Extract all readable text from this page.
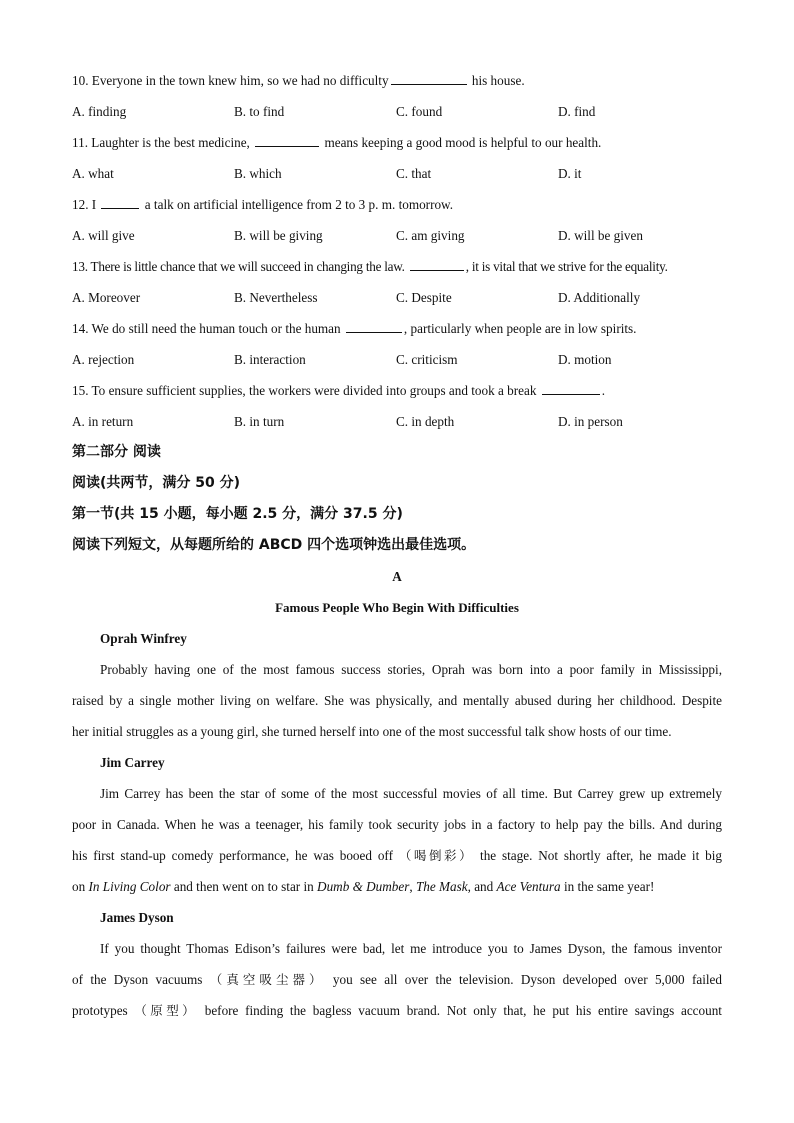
10. Everyone in the town knew him, so we had no difficulty	his house.

A. finding	B. to find	C. found	D. find

11. Laughter is the best medicine,	means keeping a good mood is helpful to our health.

A. what	B. which	C. that	D. it

12. I	a talk on artificial intelligence from 2 to 3 p. m. tomorrow.

A. will give	B. will be giving	C. am giving	D. will be given

13. There is little chance that we will succeed in changing the law.	, it is vital that we strive for the equality.

A. Moreover	B. Nevertheless	C. Despite	D. Additionally

14. We do still need the human touch or the human	, particularly when people are in low spirits.

A. rejection	B. interaction	C. criticism	D. motion

15. To ensure sufficient supplies, the workers were divided into groups and took a break	.

A. in return	B. in turn	C. in depth	D. in person

第二部分 阅读

阅读(共两节，满分 50 分)

第一节(共 15 小题，每小题 2.5 分，满分 37.5 分)

阅读下列短文，从每题所给的 ABCD 四个选项钟选出最佳选项。

A

Famous People Who Begin With Difficulties

Oprah Winfrey

Probably having one of the most famous success stories, Oprah was born into a poor family in Mississippi,
raised by a single mother living on welfare. She was physically, and mentally abused during her childhood. Despite
her initial struggles as a young girl, she turned herself into one of the most successful talk show hosts of our time.

Jim Carrey

Jim Carrey has been the star of some of the most successful movies of all time. But Carrey grew up extremely
poor in Canada. When he was a teenager, his family took security jobs in a factory to help pay the bills. And during
his first stand-up comedy performance, he was booed off （喝倒彩） the stage. Not shortly after, he made it big
on In Living Color and then went on to star in Dumb & Dumber, The Mask, and Ace Ventura in the same year!

James Dyson

If you thought Thomas Edison’s failures were bad, let me introduce you to James Dyson, the famous inventor
of the Dyson vacuums （真空吸尘器） you see all over the television. Dyson developed over 5,000 failed
prototypes （原型） before finding the bagless vacuum brand. Not only that, he put his entire savings account
